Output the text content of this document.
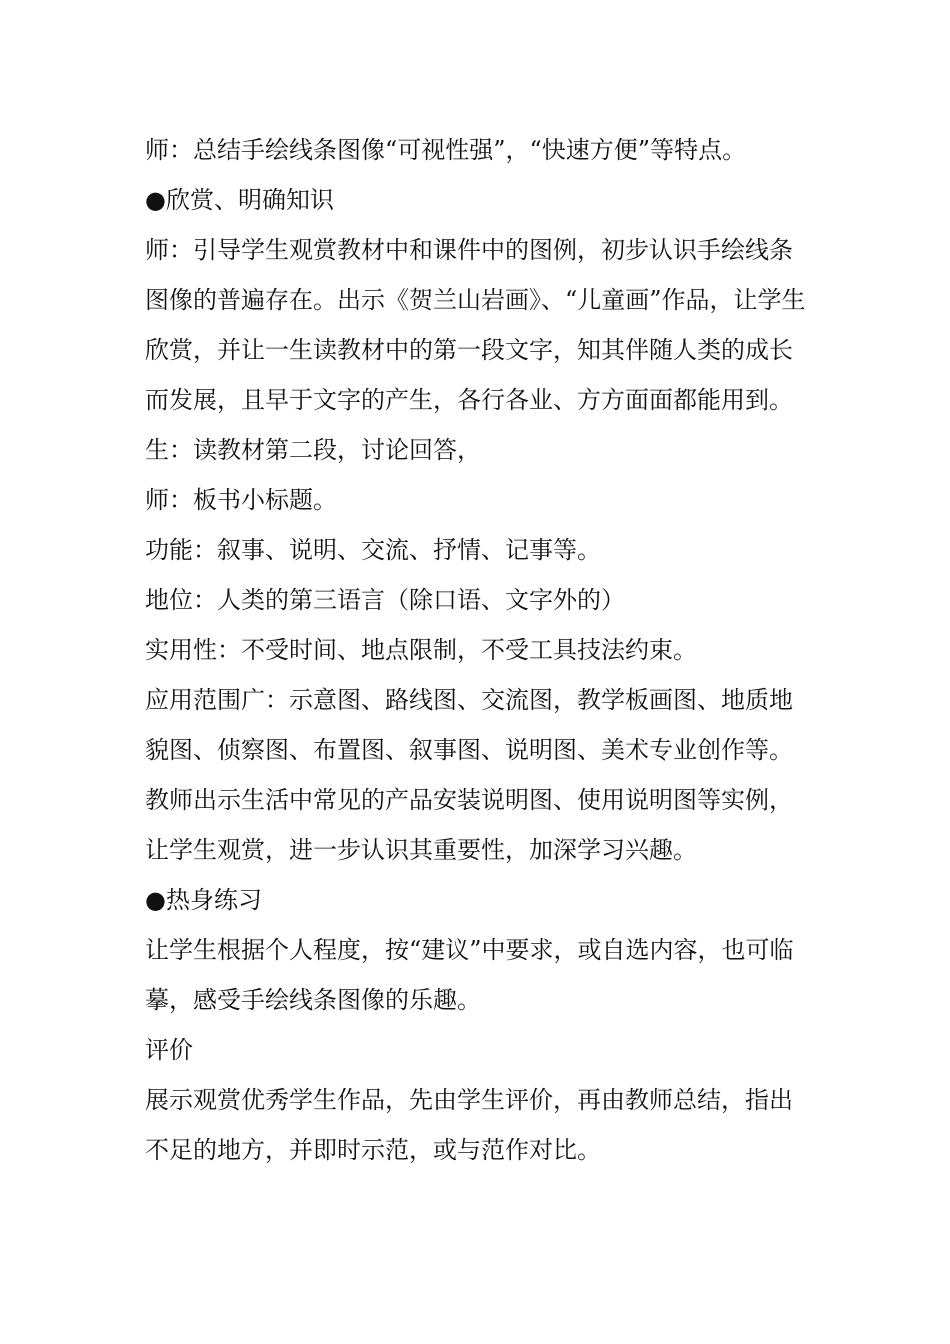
师：总结手绘线条图像“可视性强”，“快速方便”等特点。

●欣赏、明确知识

师：引导学生观赏教材中和课件中的图例，初步认识手绘线条图像的普遍存在。出示《贺兰山岩画》、“儿童画”作品，让学生欣赏，并让一生读教材中的第一段文字，知其伴随人类的成长而发展，且早于文字的产生，各行各业、方方面面都能用到。

生：读教材第二段，讨论回答，

师：板书小标题。

功能：叙事、说明、交流、抒情、记事等。

地位：人类的第三语言（除口语、文字外的）

实用性：不受时间、地点限制，不受工具技法约束。

应用范围广：示意图、路线图、交流图，教学板画图、地质地貌图、侦察图、布置图、叙事图、说明图、美术专业创作等。

教师出示生活中常见的产品安装说明图、使用说明图等实例，让学生观赏，进一步认识其重要性，加深学习兴趣。

●热身练习

让学生根据个人程度，按“建议”中要求，或自选内容，也可临摹，感受手绘线条图像的乐趣。

评价

展示观赏优秀学生作品，先由学生评价，再由教师总结，指出不足的地方，并即时示范，或与范作对比。
